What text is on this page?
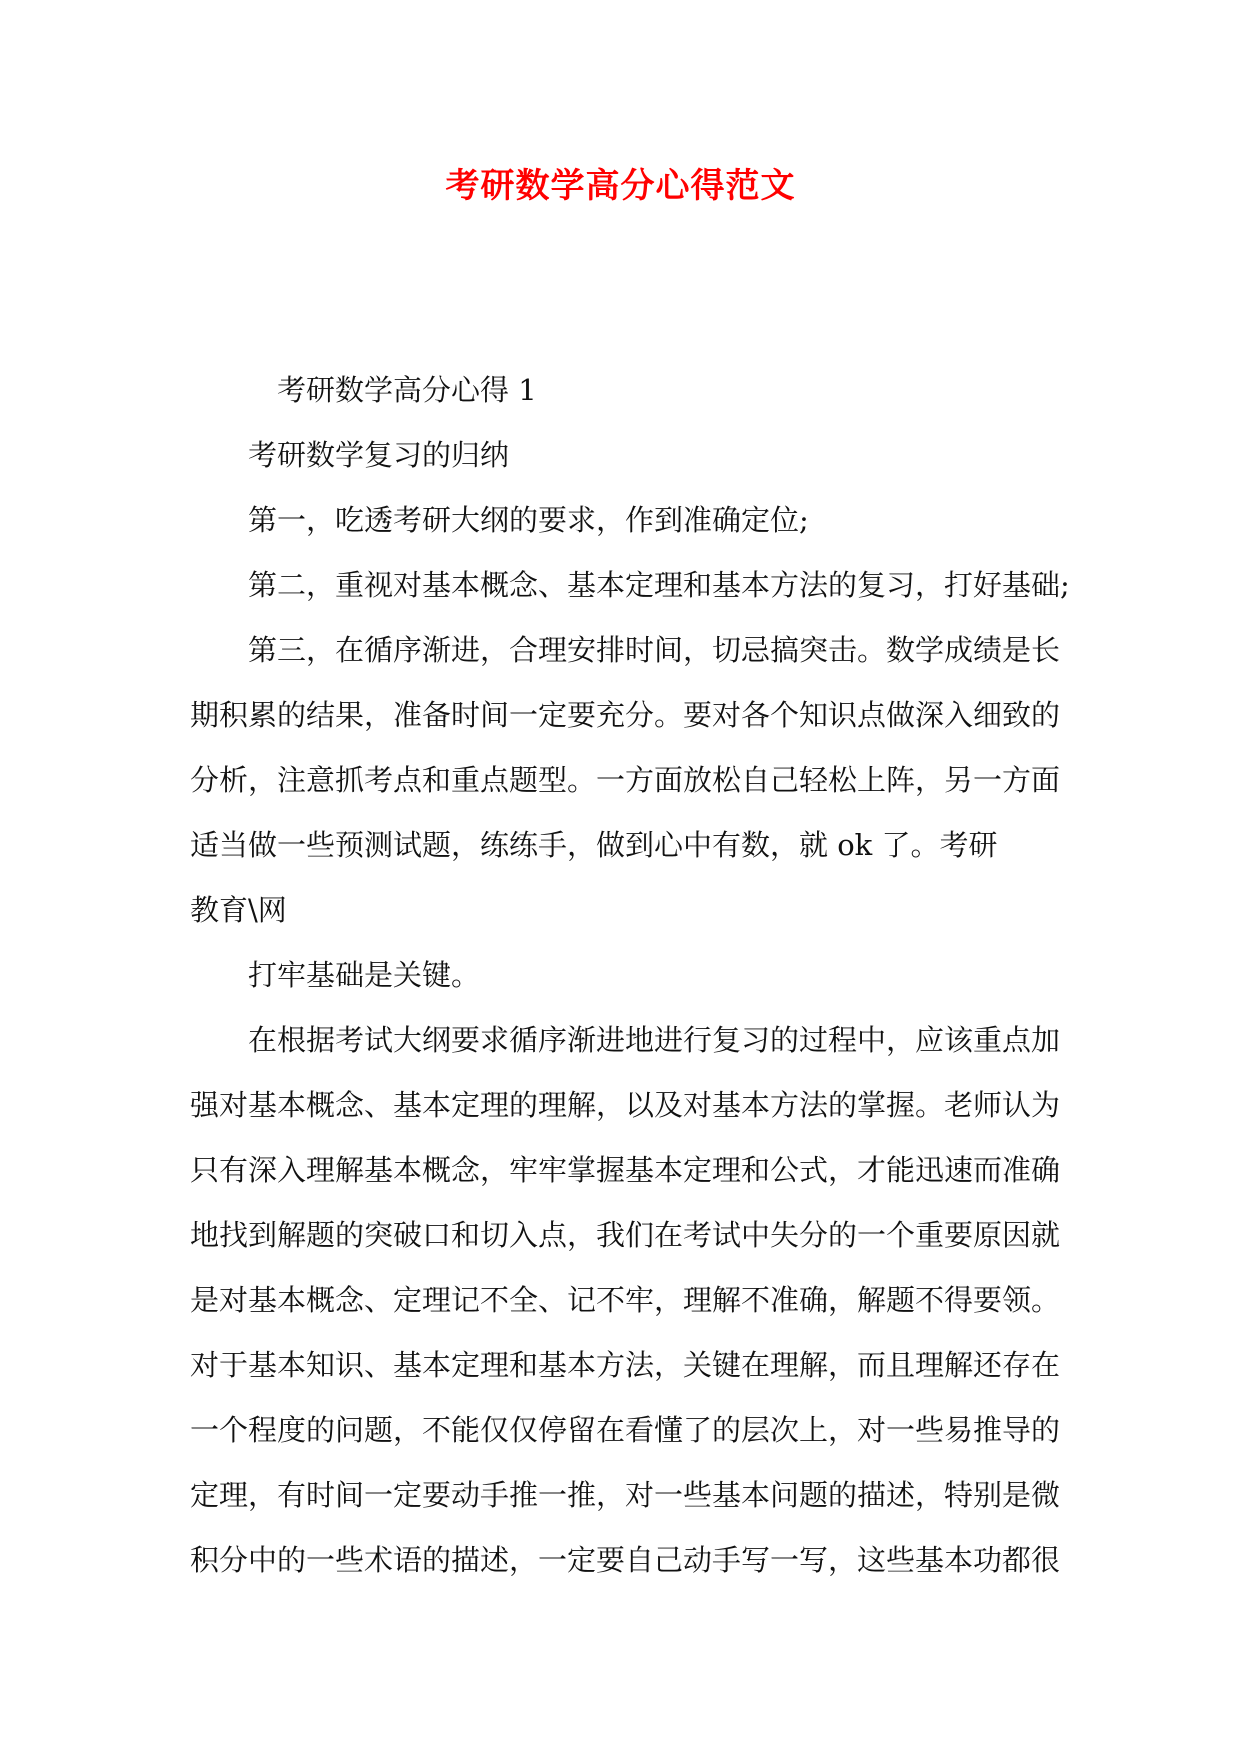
考研数学高分心得范文

考研数学高分心得 1

考研数学复习的归纳

第一，吃透考研大纲的要求，作到准确定位;

第二，重视对基本概念、基本定理和基本方法的复习，打好基础;

第三，在循序渐进，合理安排时间，切忌搞突击。数学成绩是长

期积累的结果，准备时间一定要充分。要对各个知识点做深入细致的

分析，注意抓考点和重点题型。一方面放松自己轻松上阵，另一方面

适当做一些预测试题，练练手，做到心中有数，就 ok 了。考研

教育\网

打牢基础是关键。

在根据考试大纲要求循序渐进地进行复习的过程中，应该重点加

强对基本概念、基本定理的理解，以及对基本方法的掌握。老师认为

只有深入理解基本概念，牢牢掌握基本定理和公式，才能迅速而准确

地找到解题的突破口和切入点，我们在考试中失分的一个重要原因就

是对基本概念、定理记不全、记不牢，理解不准确，解题不得要领。

对于基本知识、基本定理和基本方法，关键在理解，而且理解还存在

一个程度的问题，不能仅仅停留在看懂了的层次上，对一些易推导的

定理，有时间一定要动手推一推，对一些基本问题的描述，特别是微

积分中的一些术语的描述，一定要自己动手写一写，这些基本功都很
